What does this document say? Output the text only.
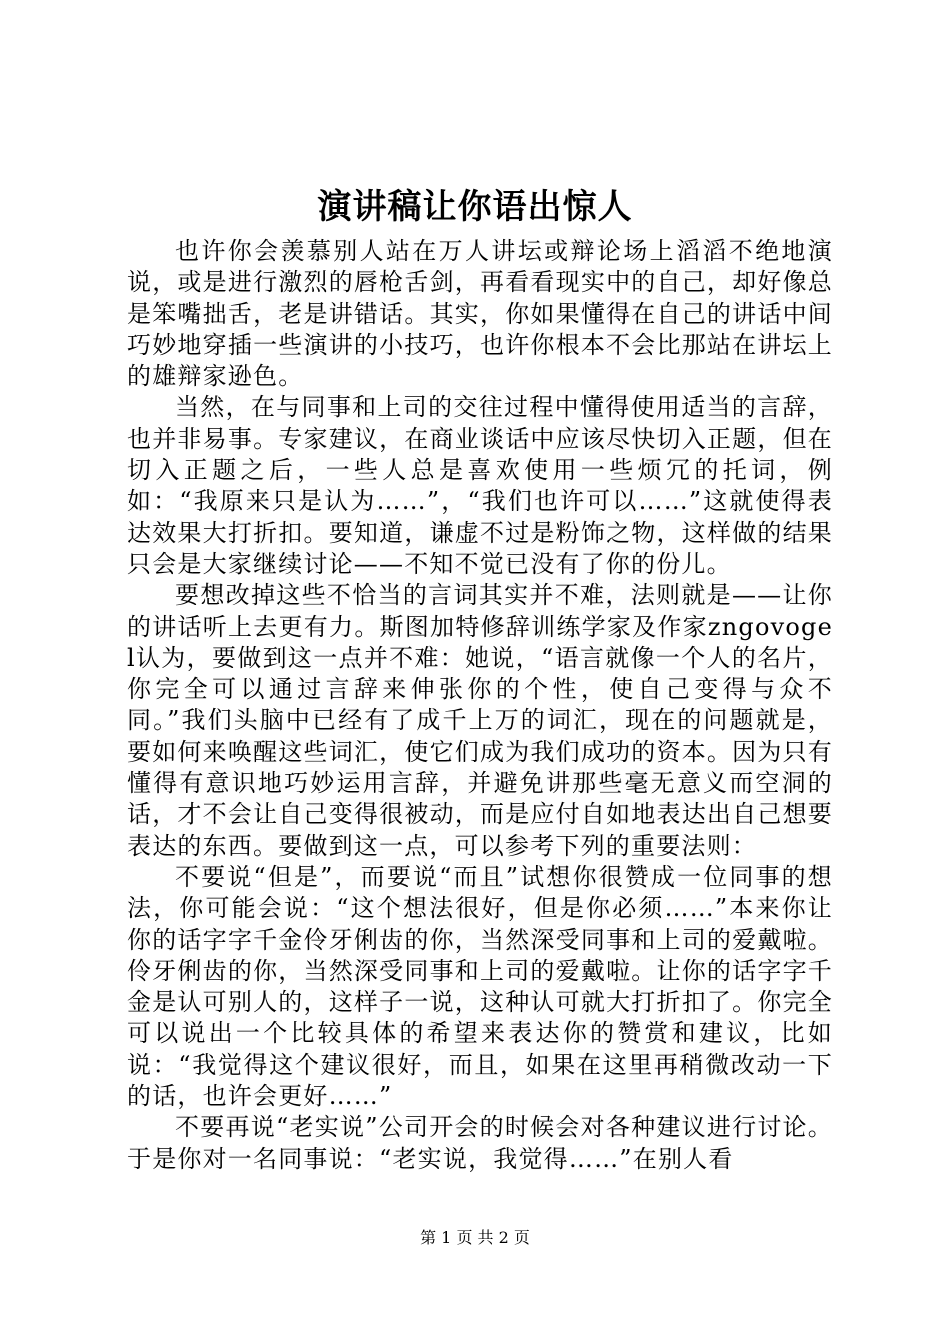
演讲稿让你语出惊人

也许你会羡慕别人站在万人讲坛或辩论场上滔滔不绝地演说，或是进行激烈的唇枪舌剑，再看看现实中的自己，却好像总是笨嘴拙舌，老是讲错话。其实，你如果懂得在自己的讲话中间巧妙地穿插一些演讲的小技巧，也许你根本不会比那站在讲坛上的雄辩家逊色。

当然，在与同事和上司的交往过程中懂得使用适当的言辞，也并非易事。专家建议，在商业谈话中应该尽快切入正题，但在切入正题之后，一些人总是喜欢使用一些烦冗的托词，例如：“我原来只是认为……”，“我们也许可以……”这就使得表达效果大打折扣。要知道，谦虚不过是粉饰之物，这样做的结果只会是大家继续讨论——不知不觉已没有了你的份儿。

要想改掉这些不恰当的言词其实并不难，法则就是——让你的讲话听上去更有力。斯图加特修辞训练学家及作家zngovogel认为，要做到这一点并不难：她说，“语言就像一个人的名片，你完全可以通过言辞来伸张你的个性，使自己变得与众不同。”我们头脑中已经有了成千上万的词汇，现在的问题就是，要如何来唤醒这些词汇，使它们成为我们成功的资本。因为只有懂得有意识地巧妙运用言辞，并避免讲那些毫无意义而空洞的话，才不会让自己变得很被动，而是应付自如地表达出自己想要表达的东西。要做到这一点，可以参考下列的重要法则：

不要说“但是”，而要说“而且”试想你很赞成一位同事的想法，你可能会说：“这个想法很好，但是你必须……”本来你让你的话字字千金伶牙俐齿的你，当然深受同事和上司的爱戴啦。伶牙俐齿的你，当然深受同事和上司的爱戴啦。让你的话字字千金是认可别人的，这样子一说，这种认可就大打折扣了。你完全可以说出一个比较具体的希望来表达你的赞赏和建议，比如说：“我觉得这个建议很好，而且，如果在这里再稍微改动一下的话，也许会更好……”

不要再说“老实说”公司开会的时候会对各种建议进行讨论。于是你对一名同事说：“老实说，我觉得……”在别人看

第 1 页 共 2 页
